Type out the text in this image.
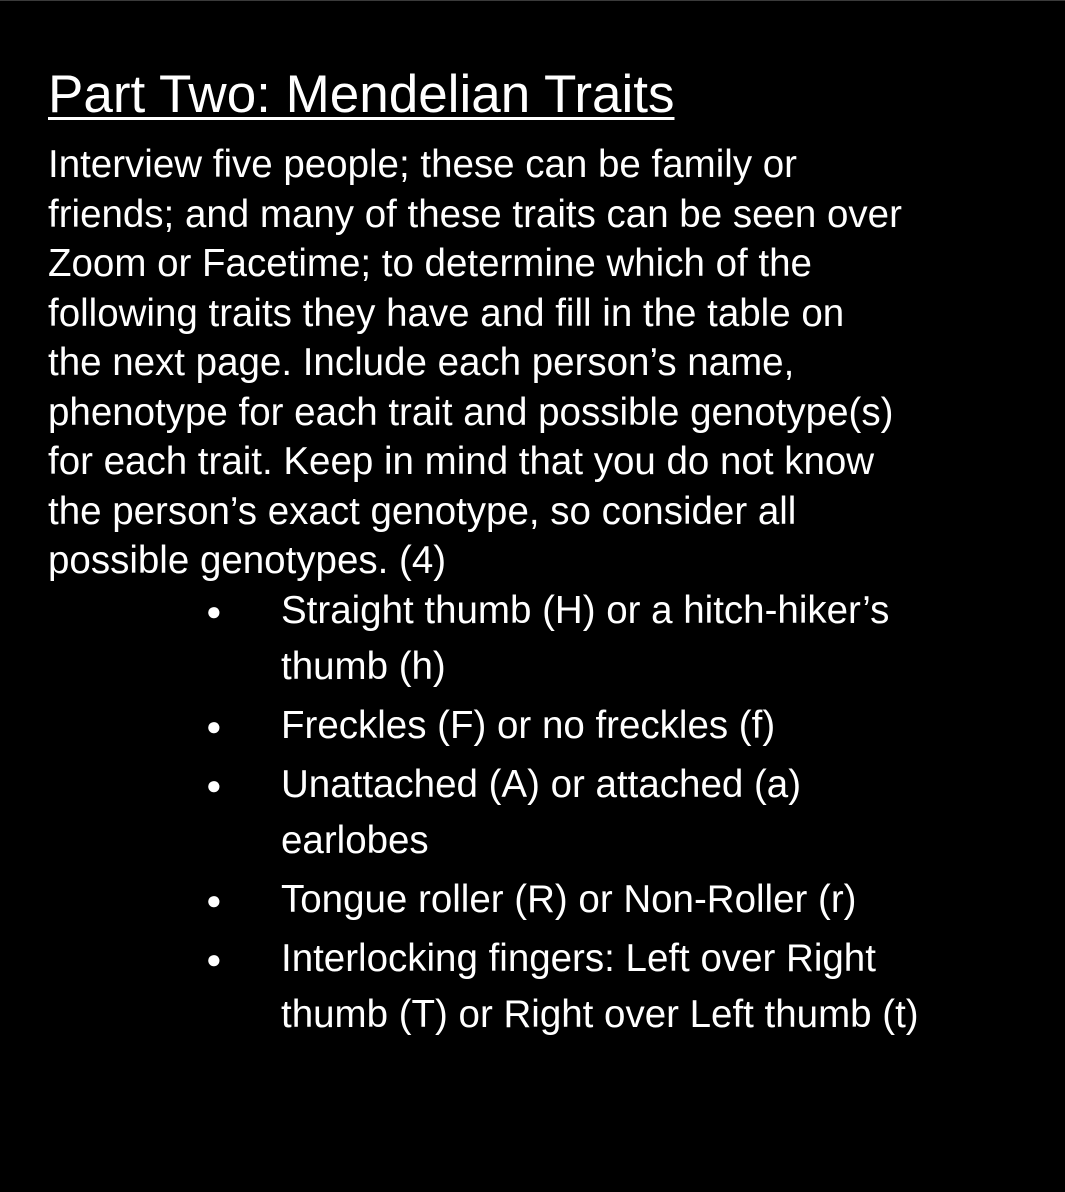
Part Two: Mendelian Traits

Interview five people; these can be family or
friends; and many of these traits can be seen over
Zoom or Facetime; to determine which of the
following traits they have and fill in the table on
the next page. Include each person’s name,
phenotype for each trait and possible genotype(s)
for each trait. Keep in mind that you do not know
the person’s exact genotype, so consider all
possible genotypes. (4)

● Straight thumb (H) or a hitch-hiker’s
thumb (h)
● Freckles (F) or no freckles (f)
● Unattached (A) or attached (a)
earlobes
● Tongue roller (R) or Non-Roller (r)
● Interlocking fingers: Left over Right
thumb (T) or Right over Left thumb (t)
